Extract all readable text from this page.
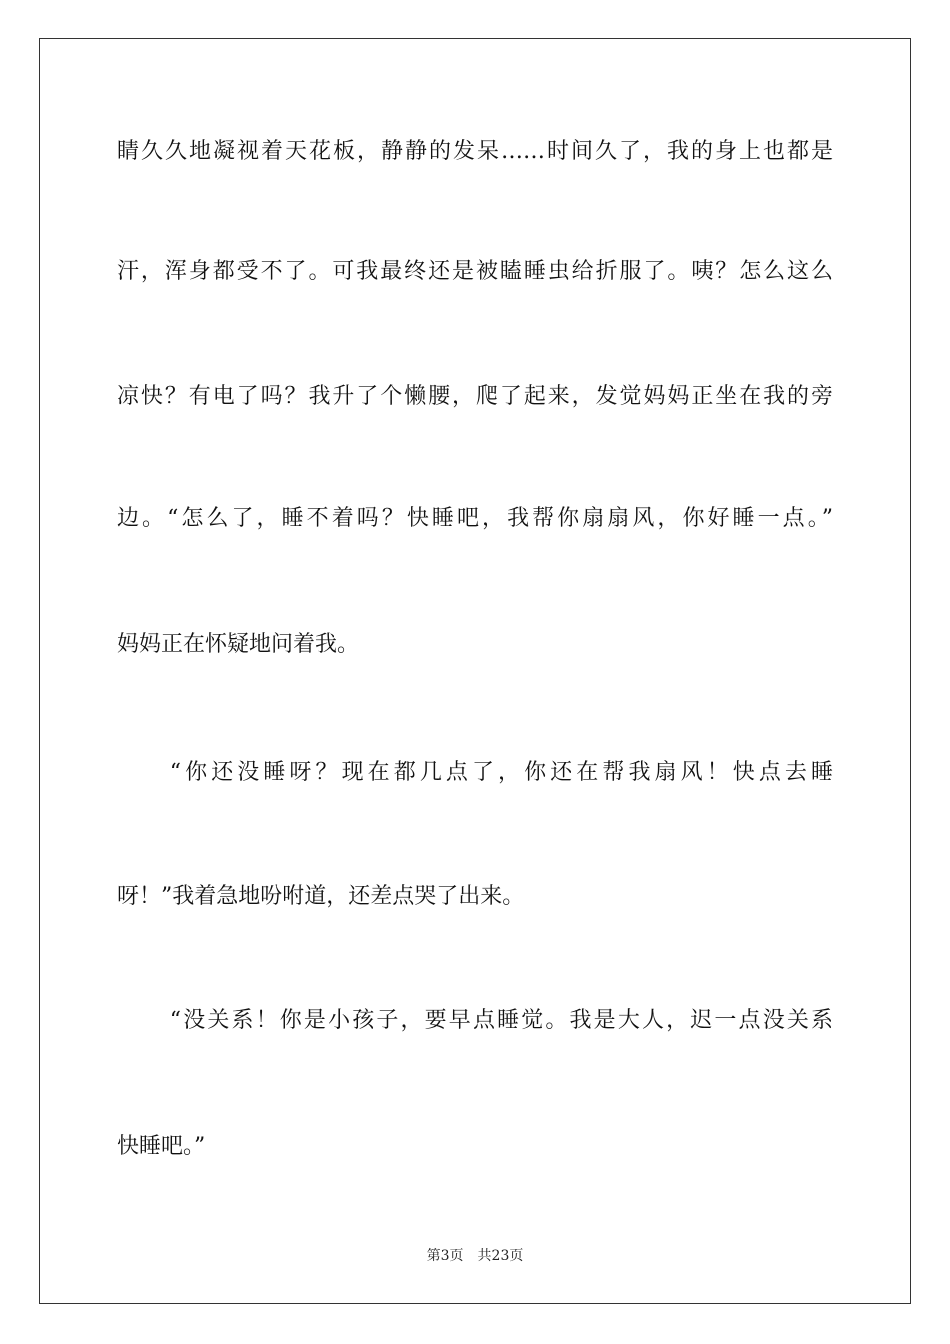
睛久久地凝视着天花板，静静的发呆……时间久了，我的身上也都是
汗，浑身都受不了。可我最终还是被瞌睡虫给折服了。咦？怎么这么
凉快？有电了吗？我升了个懒腰，爬了起来，发觉妈妈正坐在我的旁
边。“怎么了，睡不着吗？快睡吧，我帮你扇扇风，你好睡一点。”
妈妈正在怀疑地问着我。
“你还没睡呀？现在都几点了，你还在帮我扇风！快点去睡
呀！”我着急地吩咐道，还差点哭了出来。
“没关系！你是小孩子，要早点睡觉。我是大人，迟一点没关系
快睡吧。”
第3页 共23页
